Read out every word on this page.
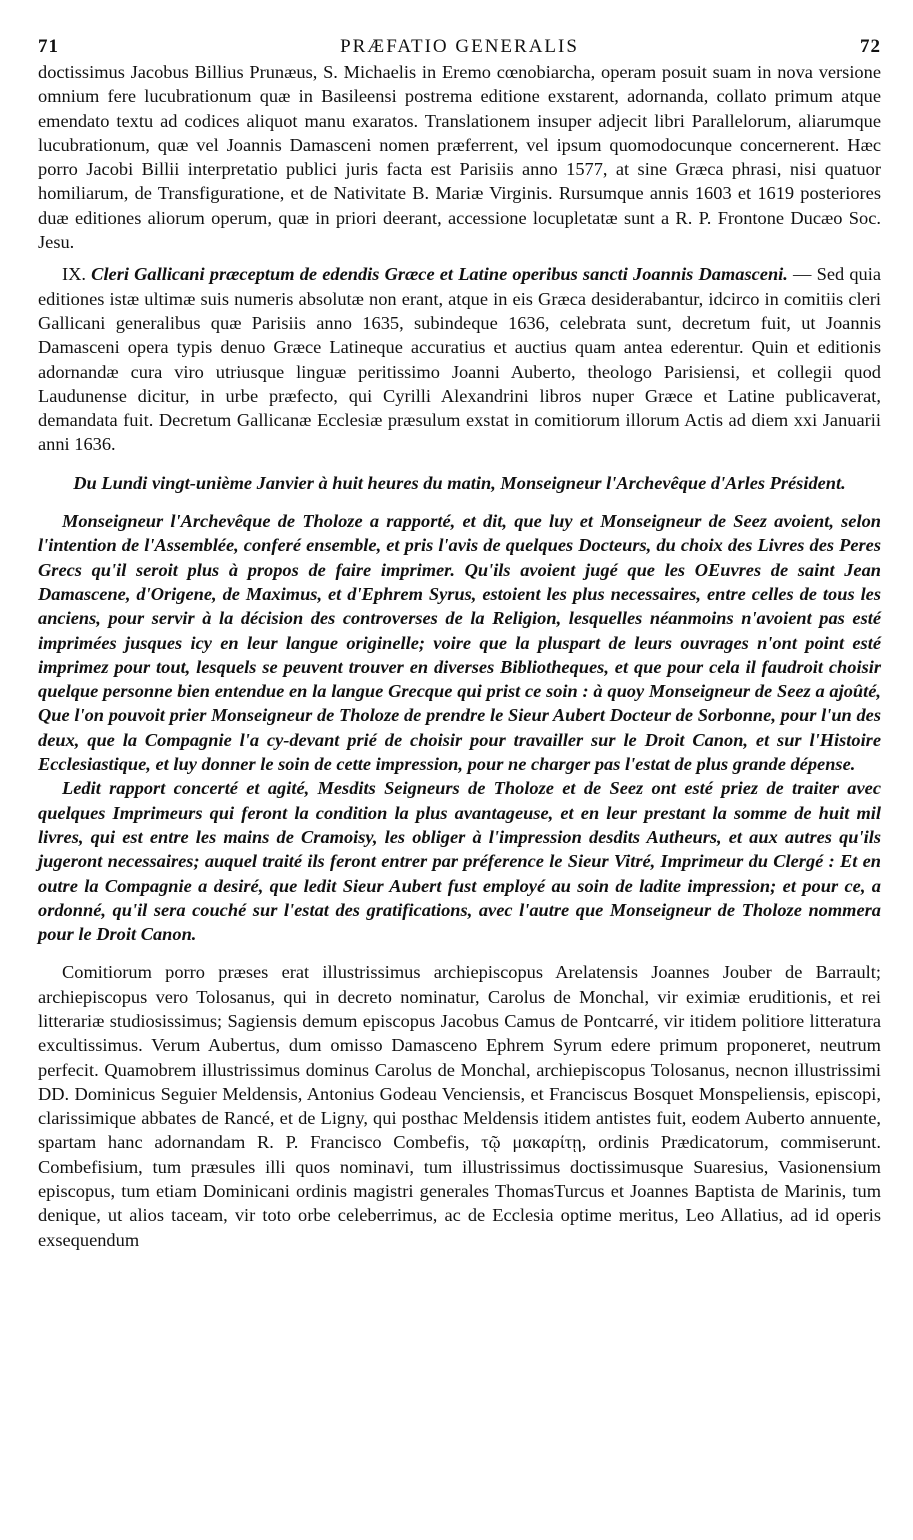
71	PRÆFATIO GENERALIS	72

doctissimus Jacobus Billius Prunæus, S. Michaelis in Eremo cœnobiarcha, operam posuit suam in nova versione omnium fere lucubrationum quæ in Basileensi postrema editione exstarent, adornanda, collato primum atque emendato textu ad codices aliquot manu exaratos. Translationem insuper adjecit libri Parallelorum, aliarumque lucubrationum, quæ vel Joannis Damasceni nomen præferrent, vel ipsum quomodocunque concernerent. Hæc porro Jacobi Billii interpretatio publici juris facta est Parisiis anno 1577, at sine Græca phrasi, nisi quatuor homiliarum, de Transfiguratione, et de Nativitate B. Mariæ Virginis. Rursumque annis 1603 et 1619 posteriores duæ editiones aliorum operum, quæ in priori deerant, accessione locupletatæ sunt a R. P. Frontone Ducæo Soc. Jesu.

IX. Cleri Gallicani præceptum de edendis Græce et Latine operibus sancti Joannis Damasceni. — Sed quia editiones istæ ultimæ suis numeris absolutæ non erant, atque in eis Græca desiderabantur, idcirco in comitiis cleri Gallicani generalibus quæ Parisiis anno 1635, subindeque 1636, celebrata sunt, decretum fuit, ut Joannis Damasceni opera typis denuo Græce Latineque accuratius et auctius quam antea ederentur. Quin et editionis adornandæ cura viro utriusque linguæ peritissimo Joanni Auberto, theologo Parisiensi, et collegii quod Laudunense dicitur, in urbe præfecto, qui Cyrilli Alexandrini libros nuper Græce et Latine publicaverat, demandata fuit. Decretum Gallicanæ Ecclesiæ præsulum exstat in comitiorum illorum Actis ad diem xxi Januarii anni 1636.

Du Lundi vingt-unième Janvier à huit heures du matin, Monseigneur l'Archevêque d'Arles Président.

Monseigneur l'Archevêque de Tholoze a rapporté, et dit, que luy et Monseigneur de Seez avoient, selon l'intention de l'Assemblée, conferé ensemble, et pris l'avis de quelques Docteurs, du choix des Livres des Peres Grecs qu'il seroit plus à propos de faire imprimer. Qu'ils avoient jugé que les OEuvres de saint Jean Damascene, d'Origene, de Maximus, et d'Ephrem Syrus, estoient les plus necessaires, entre celles de tous les anciens, pour servir à la décision des controverses de la Religion, lesquelles néanmoins n'avoient pas esté imprimées jusques icy en leur langue originelle; voire que la pluspart de leurs ouvrages n'ont point esté imprimez pour tout, lesquels se peuvent trouver en diverses Bibliotheques, et que pour cela il faudroit choisir quelque personne bien entendue en la langue Grecque qui prist ce soin : à quoy Monseigneur de Seez a ajoûté, Que l'on pouvoit prier Monseigneur de Tholoze de prendre le Sieur Aubert Docteur de Sorbonne, pour l'un des deux, que la Compagnie l'a cy-devant prié de choisir pour travailler sur le Droit Canon, et sur l'Histoire Ecclesiastique, et luy donner le soin de cette impression, pour ne charger pas l'estat de plus grande dépense.

Ledit rapport concerté et agité, Mesdits Seigneurs de Tholoze et de Seez ont esté priez de traiter avec quelques Imprimeurs qui feront la condition la plus avantageuse, et en leur prestant la somme de huit mil livres, qui est entre les mains de Cramoisy, les obliger à l'impression desdits Autheurs, et aux autres qu'ils jugeront necessaires; auquel traité ils feront entrer par préference le Sieur Vitré, Imprimeur du Clergé : Et en outre la Compagnie a desiré, que ledit Sieur Aubert fust employé au soin de ladite impression; et pour ce, a ordonné, qu'il sera couché sur l'estat des gratifications, avec l'autre que Monseigneur de Tholoze nommera pour le Droit Canon.

Comitiorum porro præses erat illustrissimus archiepiscopus Arelatensis Joannes Jouber de Barrault; archiepiscopus vero Tolosanus, qui in decreto nominatur, Carolus de Monchal, vir eximiæ eruditionis, et rei litterariæ studiosissimus; Sagiensis demum episcopus Jacobus Camus de Pontcarré, vir itidem politiore litteratura excultissimus. Verum Aubertus, dum omisso Damasceno Ephrem Syrum edere primum proponeret, neutrum perfecit. Quamobrem illustrissimus dominus Carolus de Monchal, archiepiscopus Tolosanus, necnon illustrissimi DD. Dominicus Seguier Meldensis, Antonius Godeau Venciensis, et Franciscus Bosquet Monspeliensis, episcopi, clarissimique abbates de Rancé, et de Ligny, qui posthac Meldensis itidem antistes fuit, eodem Auberto annuente, spartam hanc adornandam R. P. Francisco Combefis, τῷ μακαρίτῃ, ordinis Prædicatorum, commiserunt. Combefisium, tum præsules illi quos nominavi, tum illustrissimus doctissimusque Suaresius, Vasionensium episcopus, tum etiam Dominicani ordinis magistri generales ThomasTurcus et Joannes Baptista de Marinis, tum denique, ut alios taceam, vir toto orbe celeberrimus, ac de Ecclesia optime meritus, Leo Allatius, ad id operis exsequendum
